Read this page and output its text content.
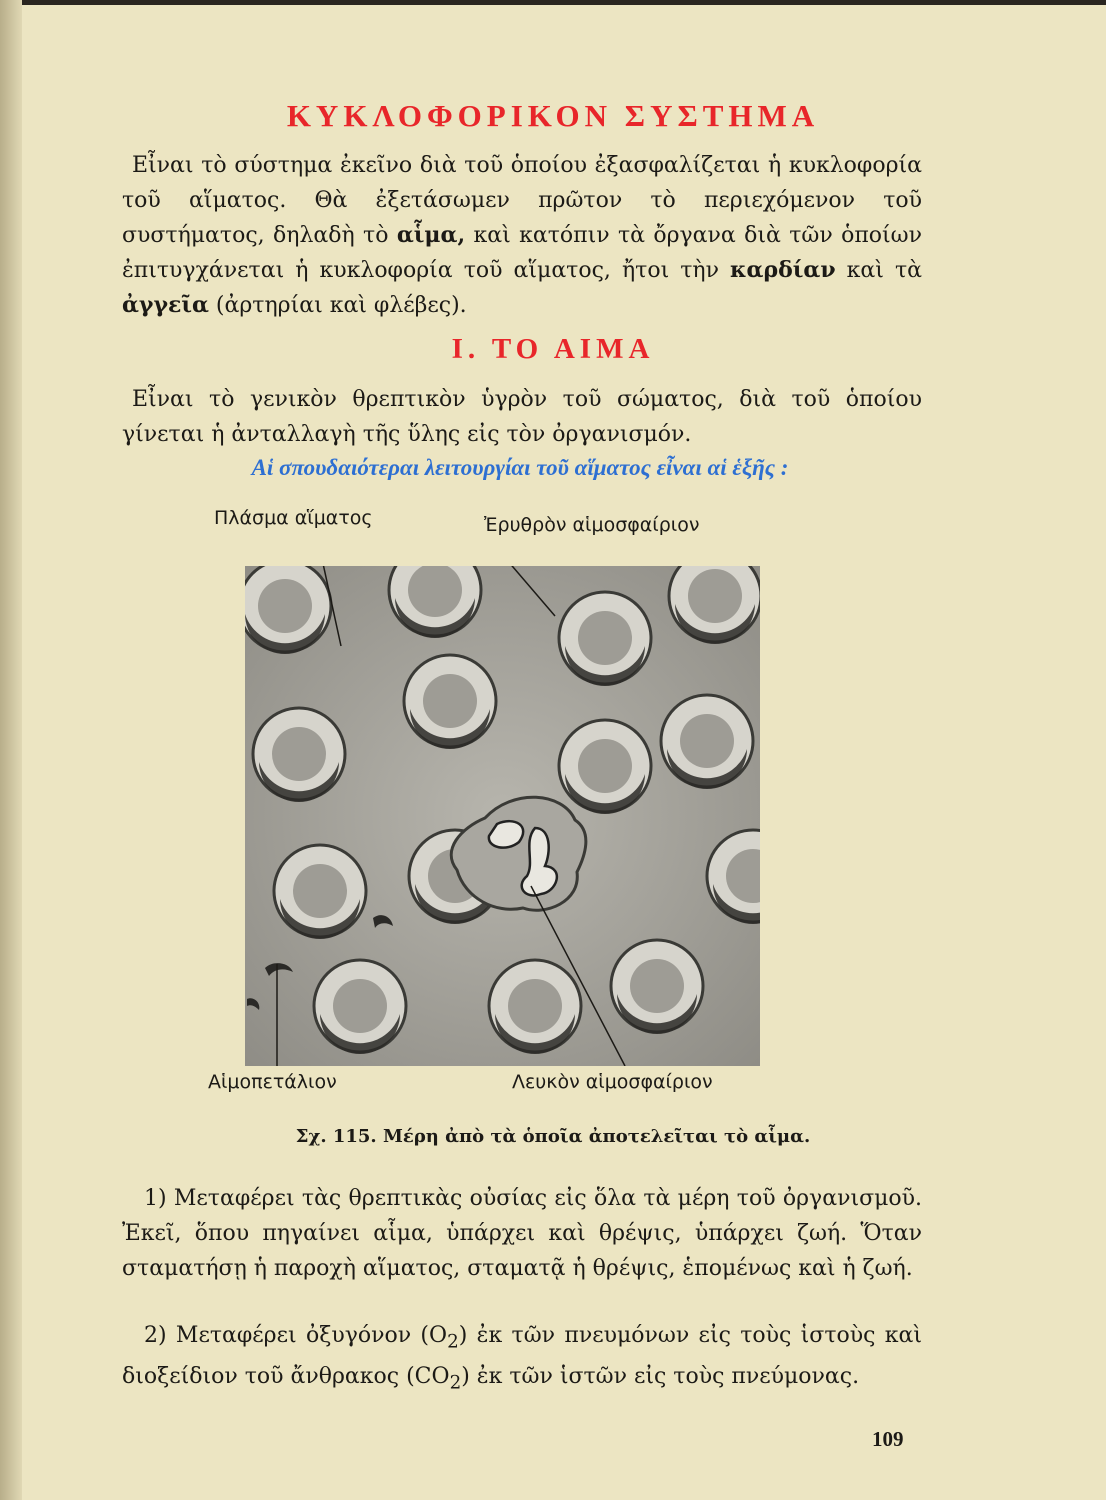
ΚΥΚΛΟΦΟΡΙΚΟΝ ΣΥΣΤΗΜΑ

Εἶναι τὸ σύστημα ἐκεῖνο διὰ τοῦ ὁποίου ἐξασφαλίζεται ἡ κυκλοφορία τοῦ αἵματος. Θὰ ἐξετάσωμεν πρῶτον τὸ περιεχόμενον τοῦ συστήματος, δηλαδὴ τὸ αἷμα, καὶ κατόπιν τὰ ὄργανα διὰ τῶν ὁποίων ἐπιτυγχάνεται ἡ κυκλοφορία τοῦ αἵματος, ἤτοι τὴν καρδίαν καὶ τὰ ἀγγεῖα (ἀρτηρίαι καὶ φλέβες).

Ι. ΤΟ ΑΙΜΑ

Εἶναι τὸ γενικὸν θρεπτικὸν ὑγρὸν τοῦ σώματος, διὰ τοῦ ὁποίου γίνεται ἡ ἀνταλλαγὴ τῆς ὕλης εἰς τὸν ὀργανισμόν.

Αἱ σπουδαιότεραι λειτουργίαι τοῦ αἵματος εἶναι αἱ ἑξῆς :

Πλάσμα αἵματος	Ἐρυθρὸν αἱμοσφαίριον
Αἱμοπετάλιον	Λευκὸν αἱμοσφαίριον

Σχ. 115. Μέρη ἀπὸ τὰ ὁποῖα ἀποτελεῖται τὸ αἷμα.

1) Μεταφέρει τὰς θρεπτικὰς οὐσίας εἰς ὅλα τὰ μέρη τοῦ ὀργανισμοῦ. Ἐκεῖ, ὅπου πηγαίνει αἷμα, ὑπάρχει καὶ θρέψις, ὑπάρχει ζωή. Ὅταν σταματήσῃ ἡ παροχὴ αἵματος, σταματᾷ ἡ θρέψις, ἑπομένως καὶ ἡ ζωή.

2) Μεταφέρει ὀξυγόνον $(O_2)$ ἐκ τῶν πνευμόνων εἰς τοὺς ἱστοὺς καὶ διοξείδιον τοῦ ἄνθρακος $(CO_2)$ ἐκ τῶν ἱστῶν εἰς τοὺς πνεύμονας.

109
